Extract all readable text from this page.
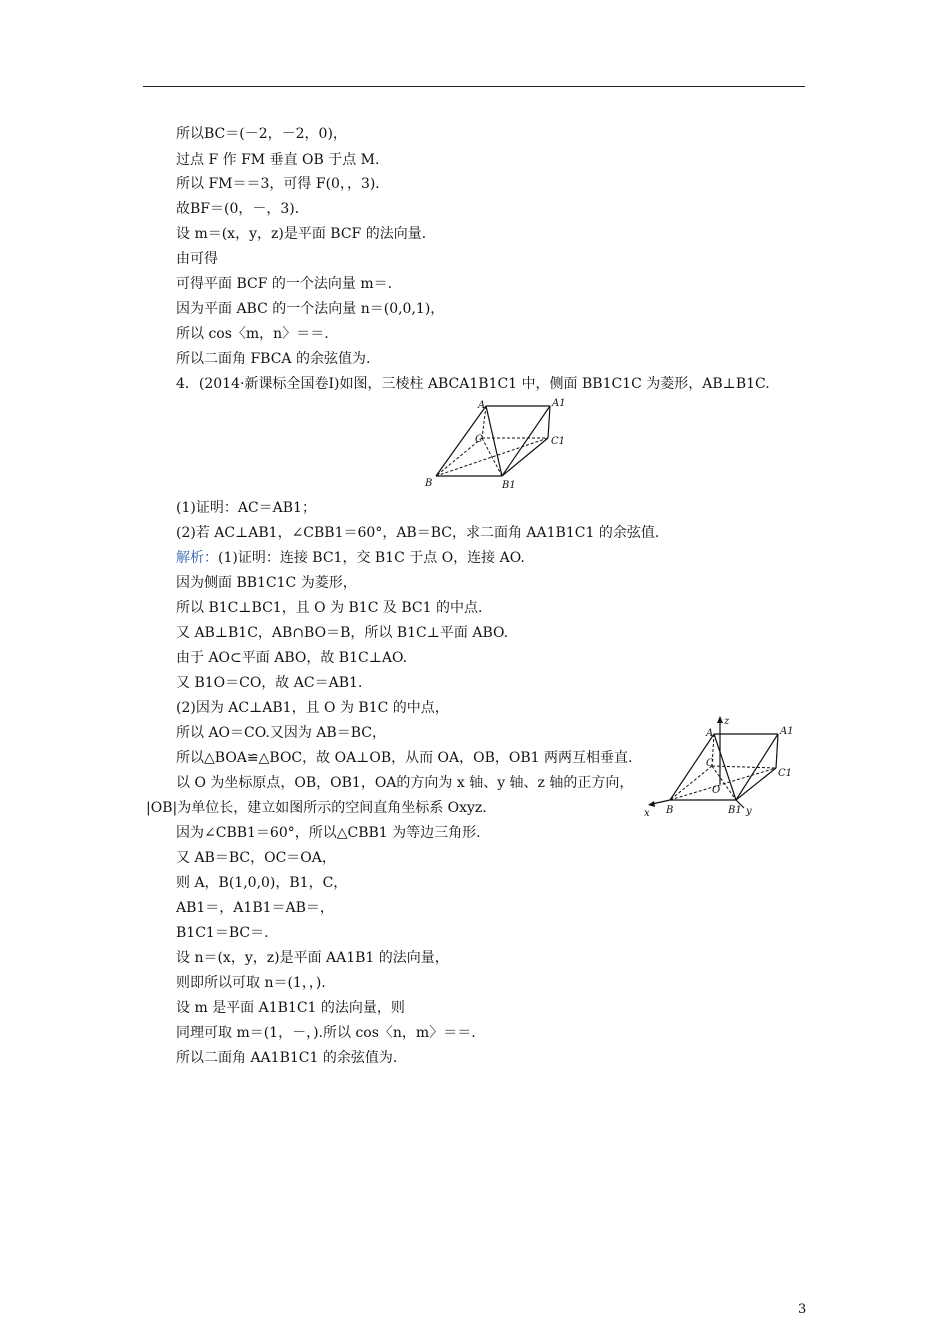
所以BC＝(－2，－2，0)，
过点 F 作 FM 垂直 OB 于点 M.
所以 FM＝＝3，可得 F(0，，3)．
故BF＝(0，－，3)．
设 m＝(x，y，z)是平面 BCF 的法向量．
由可得
可得平面 BCF 的一个法向量 m＝.
因为平面 ABC 的一个法向量 n＝(0,0,1)，
所以 cos〈m，n〉＝＝.
所以二面角 FBCA 的余弦值为.
4．(2014·新课标全国卷Ⅰ)如图，三棱柱 ABCA1B1C1 中，侧面 BB1C1C 为菱形，AB⊥B1C.
(1)证明：AC＝AB1；
(2)若 AC⊥AB1，∠CBB1＝60°，AB＝BC，求二面角 AA1B1C1 的余弦值.
解析：(1)证明：连接 BC1，交 B1C 于点 O，连接 AO.
因为侧面 BB1C1C 为菱形，
所以 B1C⊥BC1，且 O 为 B1C 及 BC1 的中点.
又 AB⊥B1C，AB∩BO＝B，所以 B1C⊥平面 ABO.
由于 AO⊂平面 ABO，故 B1C⊥AO.
又 B1O＝CO，故 AC＝AB1.
(2)因为 AC⊥AB1，且 O 为 B1C 的中点，
所以 AO＝CO.又因为 AB＝BC，
所以△BOA≌△BOC，故 OA⊥OB，从而 OA，OB，OB1 两两互相垂直.
以 O 为坐标原点，OB，OB1，OA的方向为 x 轴、y 轴、z 轴的正方向，
|OB|为单位长，建立如图所示的空间直角坐标系 Oxyz.
因为∠CBB1＝60°，所以△CBB1 为等边三角形.
又 AB＝BC，OC＝OA，
则 A，B(1,0,0)，B1，C，
AB1＝，A1B1＝AB＝，
B1C1＝BC＝.
设 n＝(x，y，z)是平面 AA1B1 的法向量，
则即所以可取 n＝(1，，).
设 m 是平面 A1B1C1 的法向量，则
同理可取 m＝(1，－，).所以 cos〈n，m〉＝＝.
所以二面角 AA1B1C1 的余弦值为.
A	A1
C	C1
B	B1
z
A	A1
C
C1
O
B	B1
x	y
3
